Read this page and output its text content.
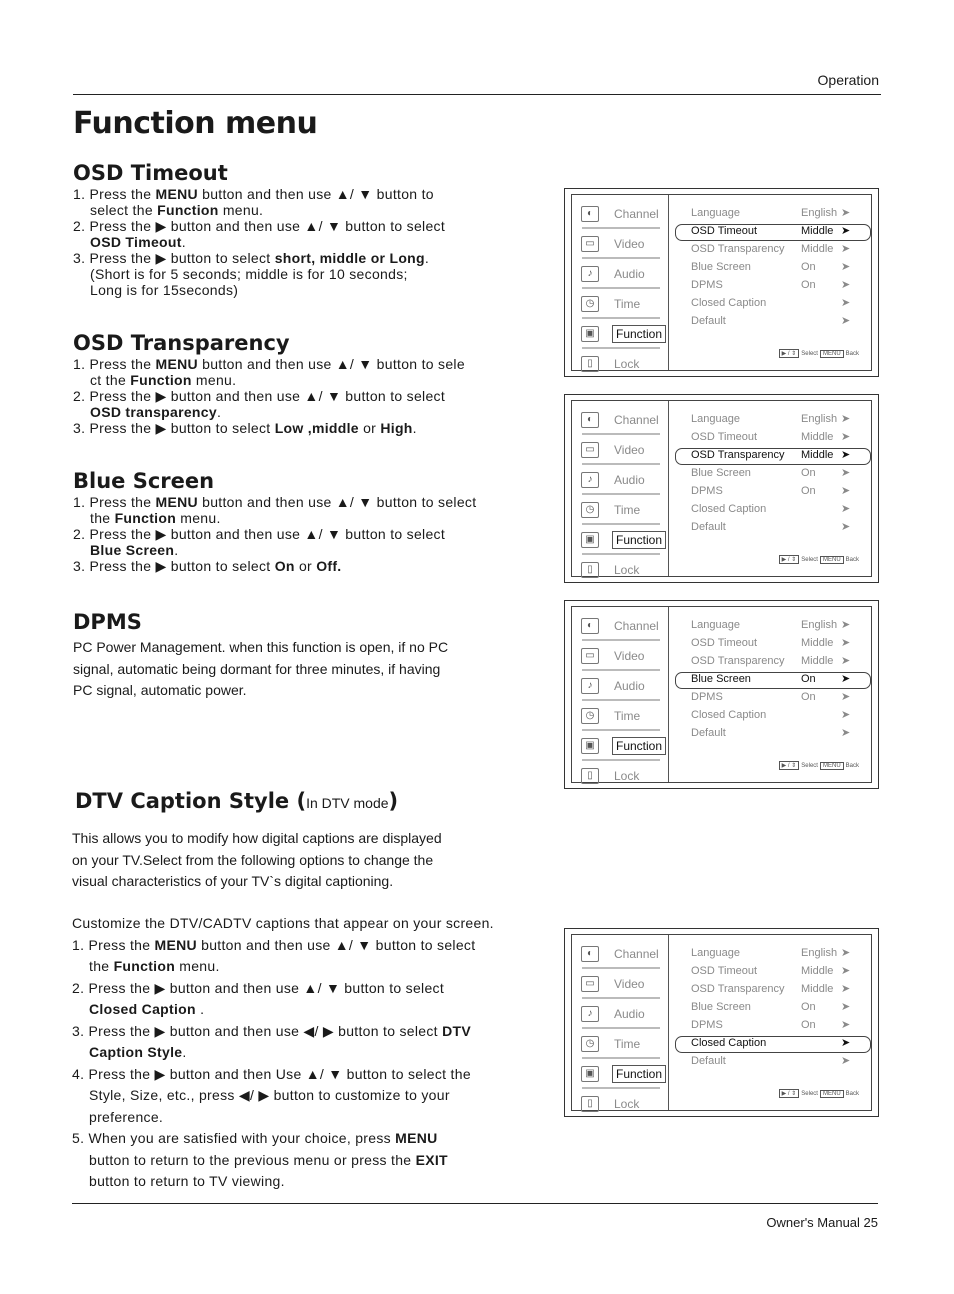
Operation
Function menu
OSD Timeout
1. Press the MENU button and then use ▲/ ▼ button to
select the Function menu.
2. Press the ▶ button and then use ▲/ ▼ button to select
OSD Timeout.
3. Press the ▶ button to select short, middle or Long.
(Short is for 5 seconds; middle is for 10 seconds;
Long is for 15seconds)
OSD Transparency
1. Press the MENU button and then use ▲/ ▼ button to sele
ct the Function menu.
2. Press the ▶ button and then use ▲/ ▼ button to select
OSD transparency.
3. Press the ▶ button to select Low ,middle or High.
Blue Screen
1. Press the MENU button and then use ▲/ ▼ button to select
the Function menu.
2. Press the ▶ button and then use ▲/ ▼ button to select
Blue Screen.
3. Press the ▶ button to select On or Off.
DPMS
PC Power Management. when this function is open, if no PC
signal, automatic being dormant for three minutes, if having
PC signal, automatic power.
DTV Caption Style (In DTV mode)
This allows you to modify how digital captions are displayed
on your TV.Select from the following options to change the
visual characteristics of your TV`s digital captioning.
Customize the DTV/CADTV captions that appear on your screen.
1. Press the MENU button and then use ▲/ ▼ button to select
the Function menu.
2. Press the ▶ button and then use ▲/ ▼ button to select
Closed Caption .
3. Press the ▶ button and then use ◀/ ▶ button to select DTV
Caption Style.
4. Press the ▶ button and then Use ▲/ ▼ button to select the
Style, Size, etc., press ◀/ ▶ button to customize to your
preference.
5. When you are satisfied with your choice, press MENU
button to return to the previous menu or press the EXIT
button to return to TV viewing.
◐	Channel
▭	Video
♪	Audio
◷	Time
▣	Function
▯	Lock
Language	English ➤
OSD Timeout	Middle ➤
OSD Transparency Middle ➤
Blue Screen	On ➤
DPMS	On ➤
Closed Caption	➤
Default	➤
▶ / ⇕ Select MENU Back
◐	Channel
▭	Video
♪	Audio
◷	Time
▣	Function
▯	Lock
Language	English ➤
OSD Timeout	Middle ➤
OSD Transparency Middle ➤
Blue Screen	On ➤
DPMS	On ➤
Closed Caption	➤
Default	➤
▶ / ⇕ Select MENU Back
◐	Channel
▭	Video
♪	Audio
◷	Time
▣	Function
▯	Lock
Language	English ➤
OSD Timeout	Middle ➤
OSD Transparency Middle ➤
Blue Screen	On ➤
DPMS	On ➤
Closed Caption	➤
Default	➤
▶ / ⇕ Select MENU Back
◐	Channel
▭	Video
♪	Audio
◷	Time
▣	Function
▯	Lock
Language	English ➤
OSD Timeout	Middle ➤
OSD Transparency Middle ➤
Blue Screen	On ➤
DPMS	On ➤
Closed Caption	➤
Default	➤
▶ / ⇕ Select MENU Back
Owner's Manual 25
